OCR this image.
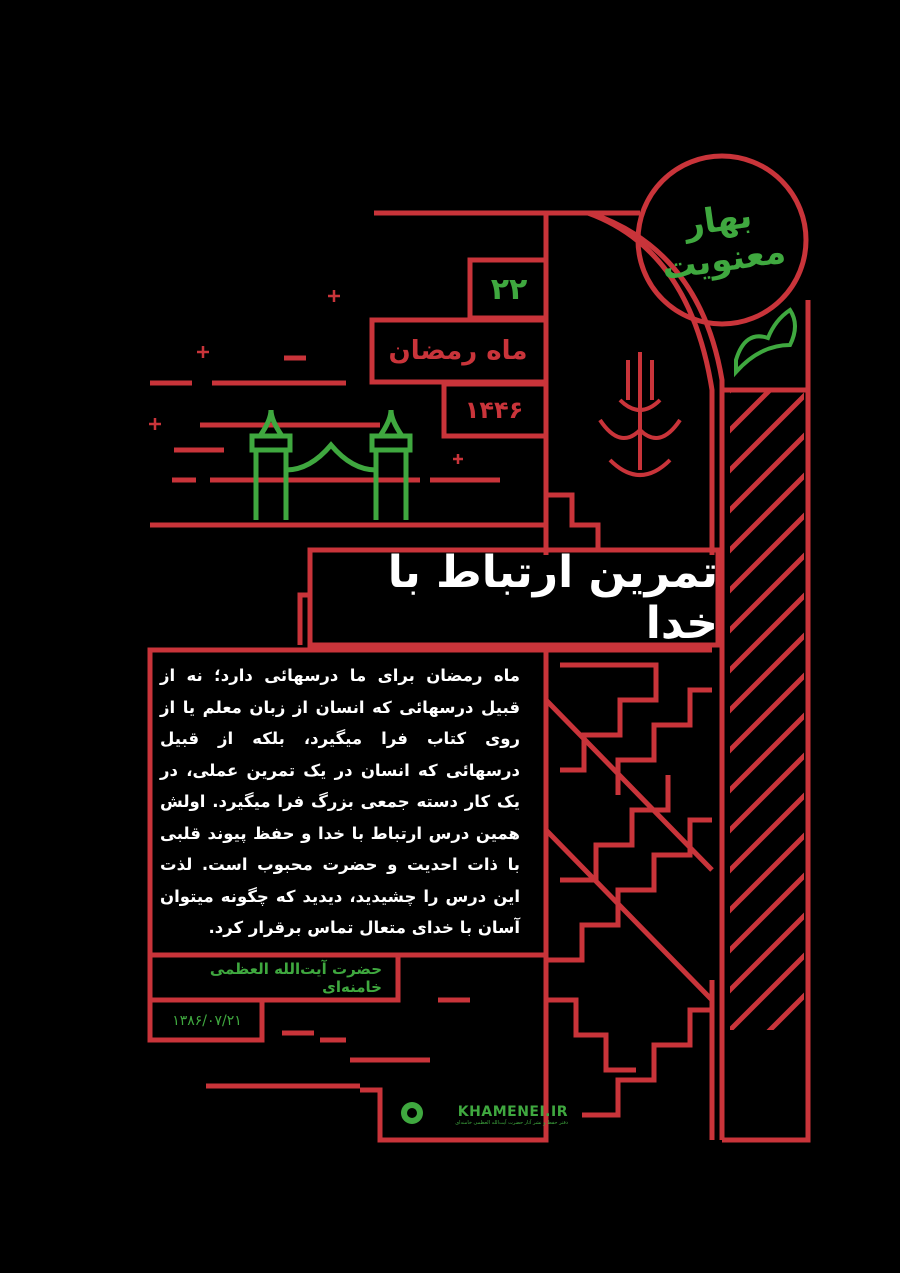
بهار
معنویت
۲۲
ماه رمضان
۱۴۴۶
تمرین ارتباط با خدا
ماه رمضان برای ما درسهائی دارد؛ نه از قبیل درسهائی که انسان از زبان معلم یا از روی کتاب فرا میگیرد، بلکه از قبیل درسهائی که انسان در یک تمرین عملی، در یک کار دسته جمعی بزرگ فرا میگیرد. اولش همین درس ارتباط با خدا و حفظ پیوند قلبی با ذات احدیت و حضرت محبوب است. لذت این درس را چشیدید، دیدید که چگونه میتوان آسان با خدای متعال تماس برقرار کرد.
حضرت آیت‌الله العظمی خامنه‌ای
۱۳۸۶/۰۷/۲۱
KHAMENEI.IR
دفتر حفظ و نشر آثار حضرت آیت‌الله العظمی خامنه‌ای
